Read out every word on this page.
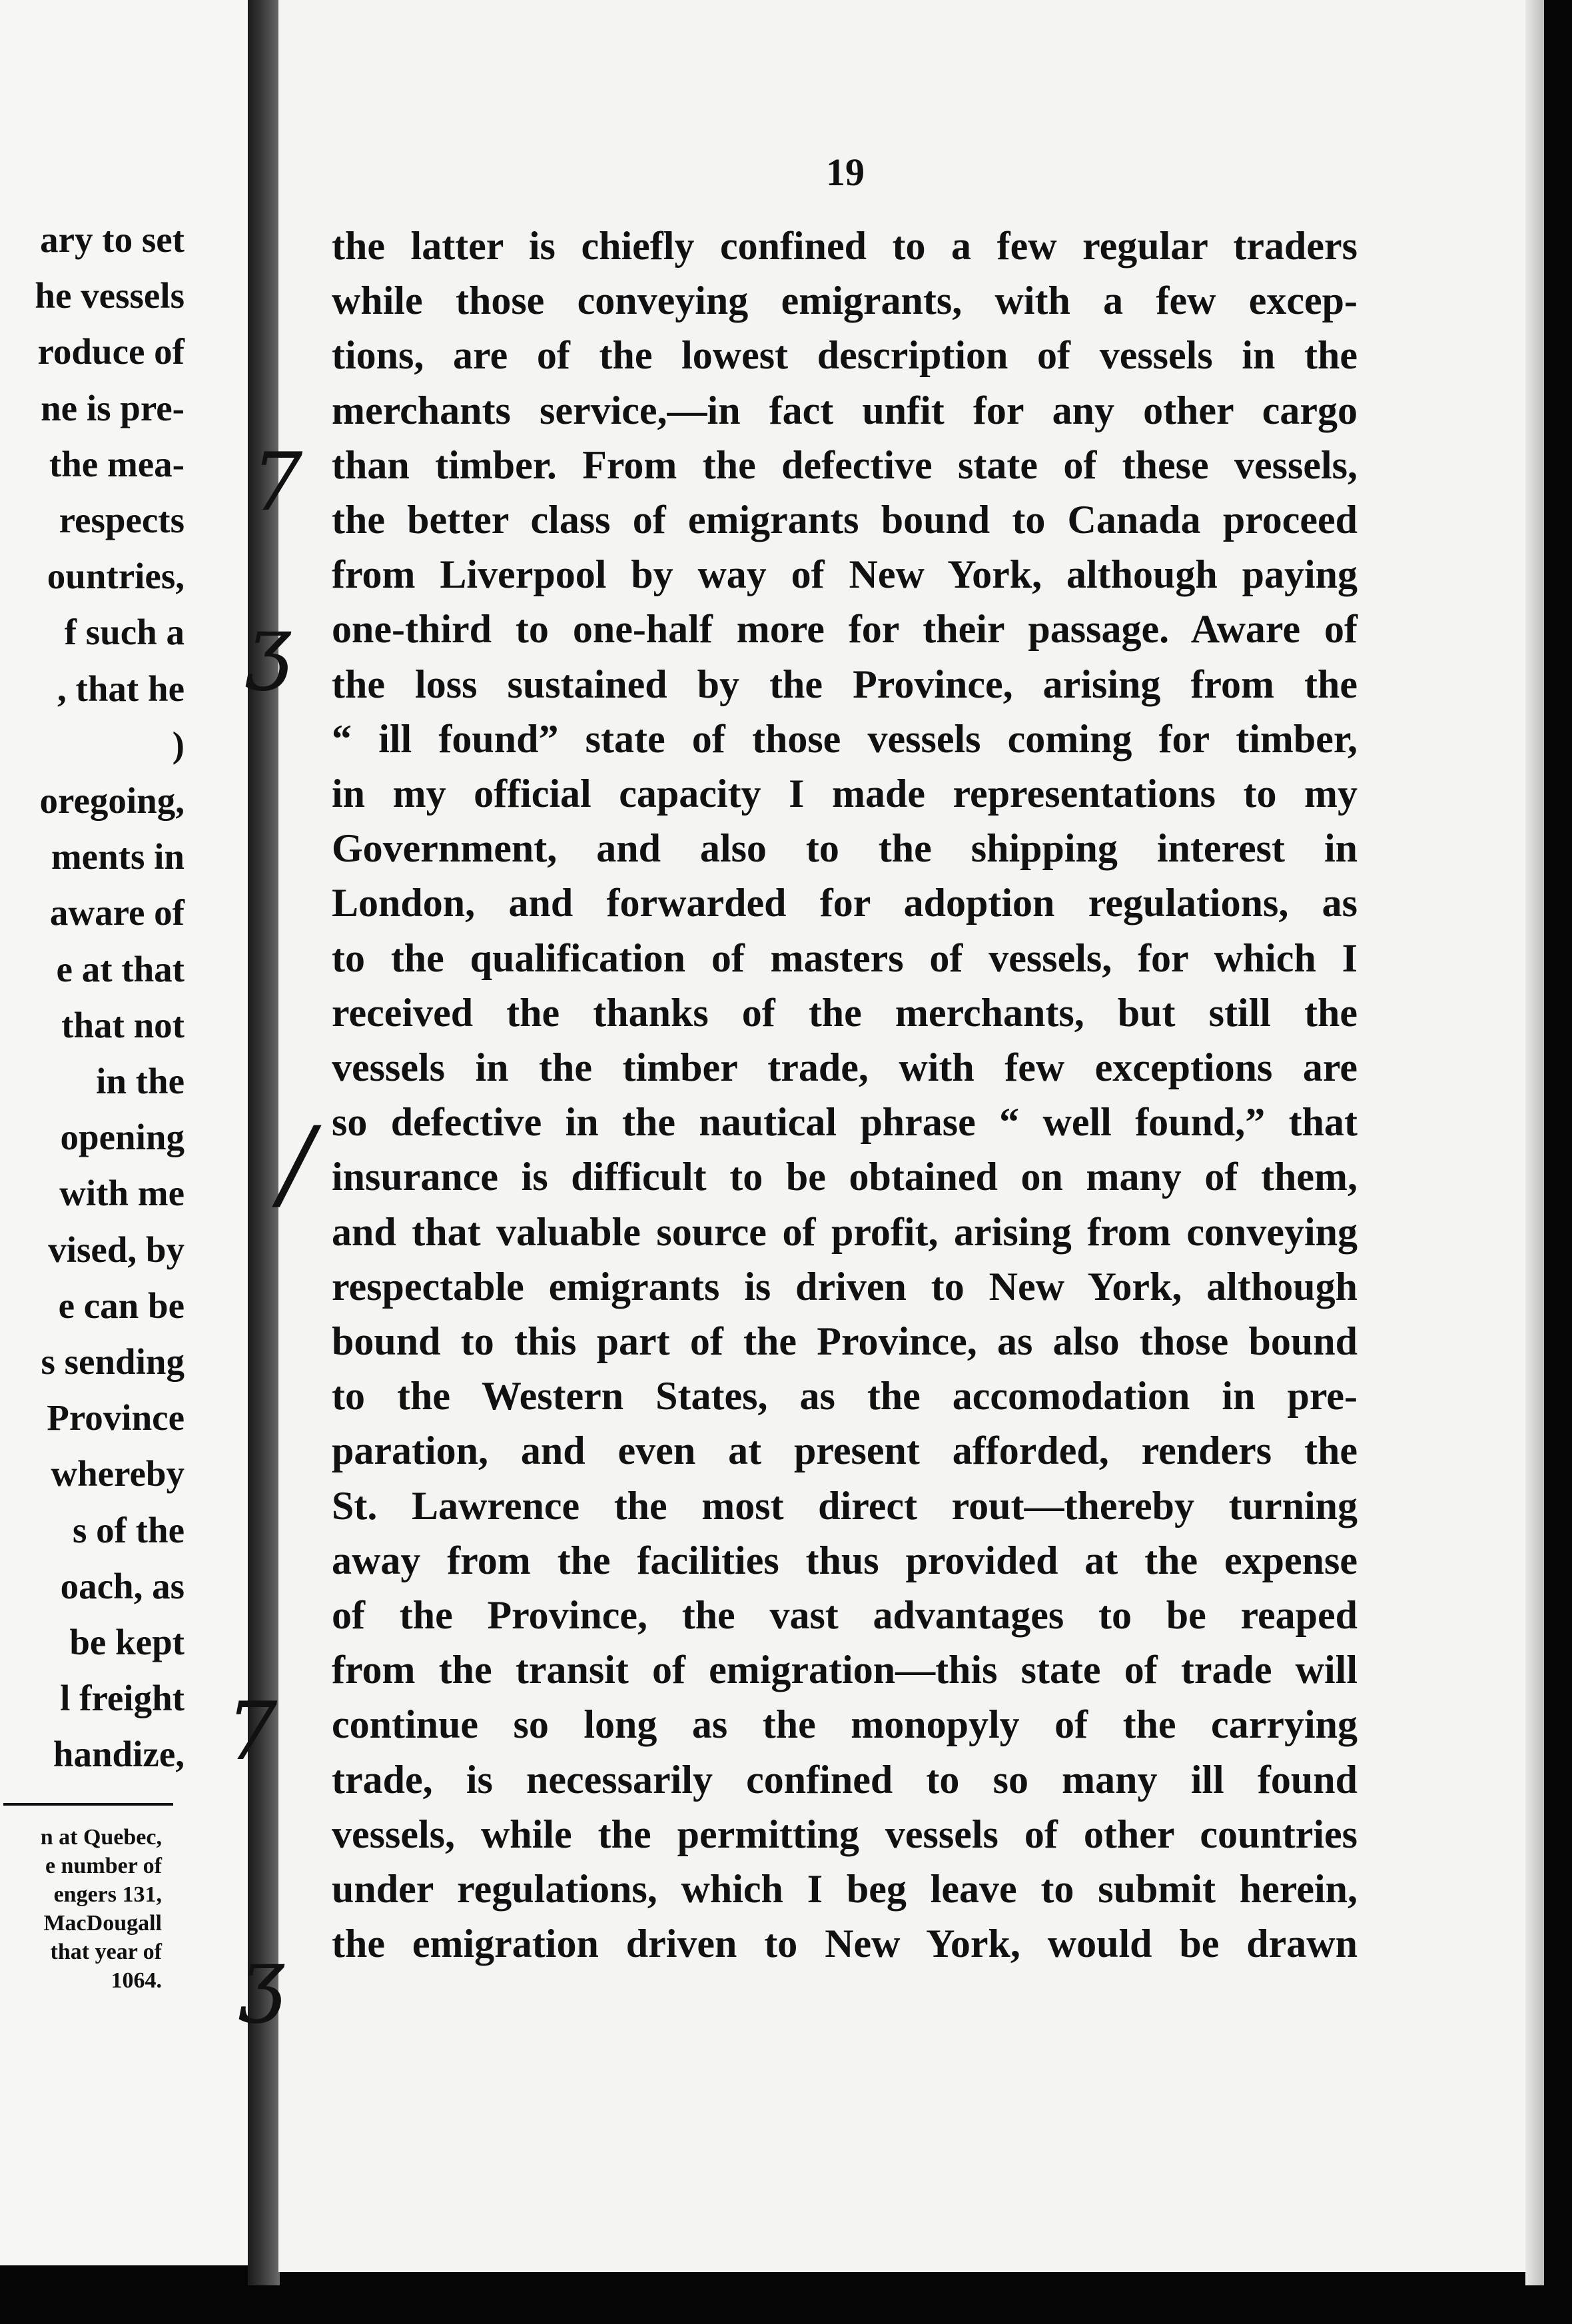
ary to set
he vessels
roduce of
ne is pre-
the mea-
respects
ountries,
f such a
, that he
)
oregoing,
ments in
aware of
e at that
that not
in the
opening
with me
vised, by
e can be
s sending
Province
whereby
s of the
oach, as
be kept
l freight
handize,
n at Quebec,
e number of
engers 131,
MacDougall
that year of
1064.
19
the latter is chiefly confined to a few regular traders
while those conveying emigrants, with a few excep-
tions, are of the lowest description of vessels in the
merchants service,—in fact unfit for any other cargo
than timber. From the defective state of these vessels,
the better class of emigrants bound to Canada proceed
from Liverpool by way of New York, although paying
one-third to one-half more for their passage. Aware of
the loss sustained by the Province, arising from the
“ ill found” state of those vessels coming for timber,
in my official capacity I made representations to my
Government, and also to the shipping interest in
London, and forwarded for adoption regulations, as
to the qualification of masters of vessels, for which I
received the thanks of the merchants, but still the
vessels in the timber trade, with few exceptions are
so defective in the nautical phrase “ well found,” that
insurance is difficult to be obtained on many of them,
and that valuable source of profit, arising from conveying
respectable emigrants is driven to New York, although
bound to this part of the Province, as also those bound
to the Western States, as the accomodation in pre-
paration, and even at present afforded, renders the
St. Lawrence the most direct rout—thereby turning
away from the facilities thus provided at the expense
of the Province, the vast advantages to be reaped
from the transit of emigration—this state of trade will
continue so long as the monopyly of the carrying
trade, is necessarily confined to so many ill found
vessels, while the permitting vessels of other countries
under regulations, which I beg leave to submit herein,
the emigration driven to New York, would be drawn
7
ʒ
/
7
ʒ
